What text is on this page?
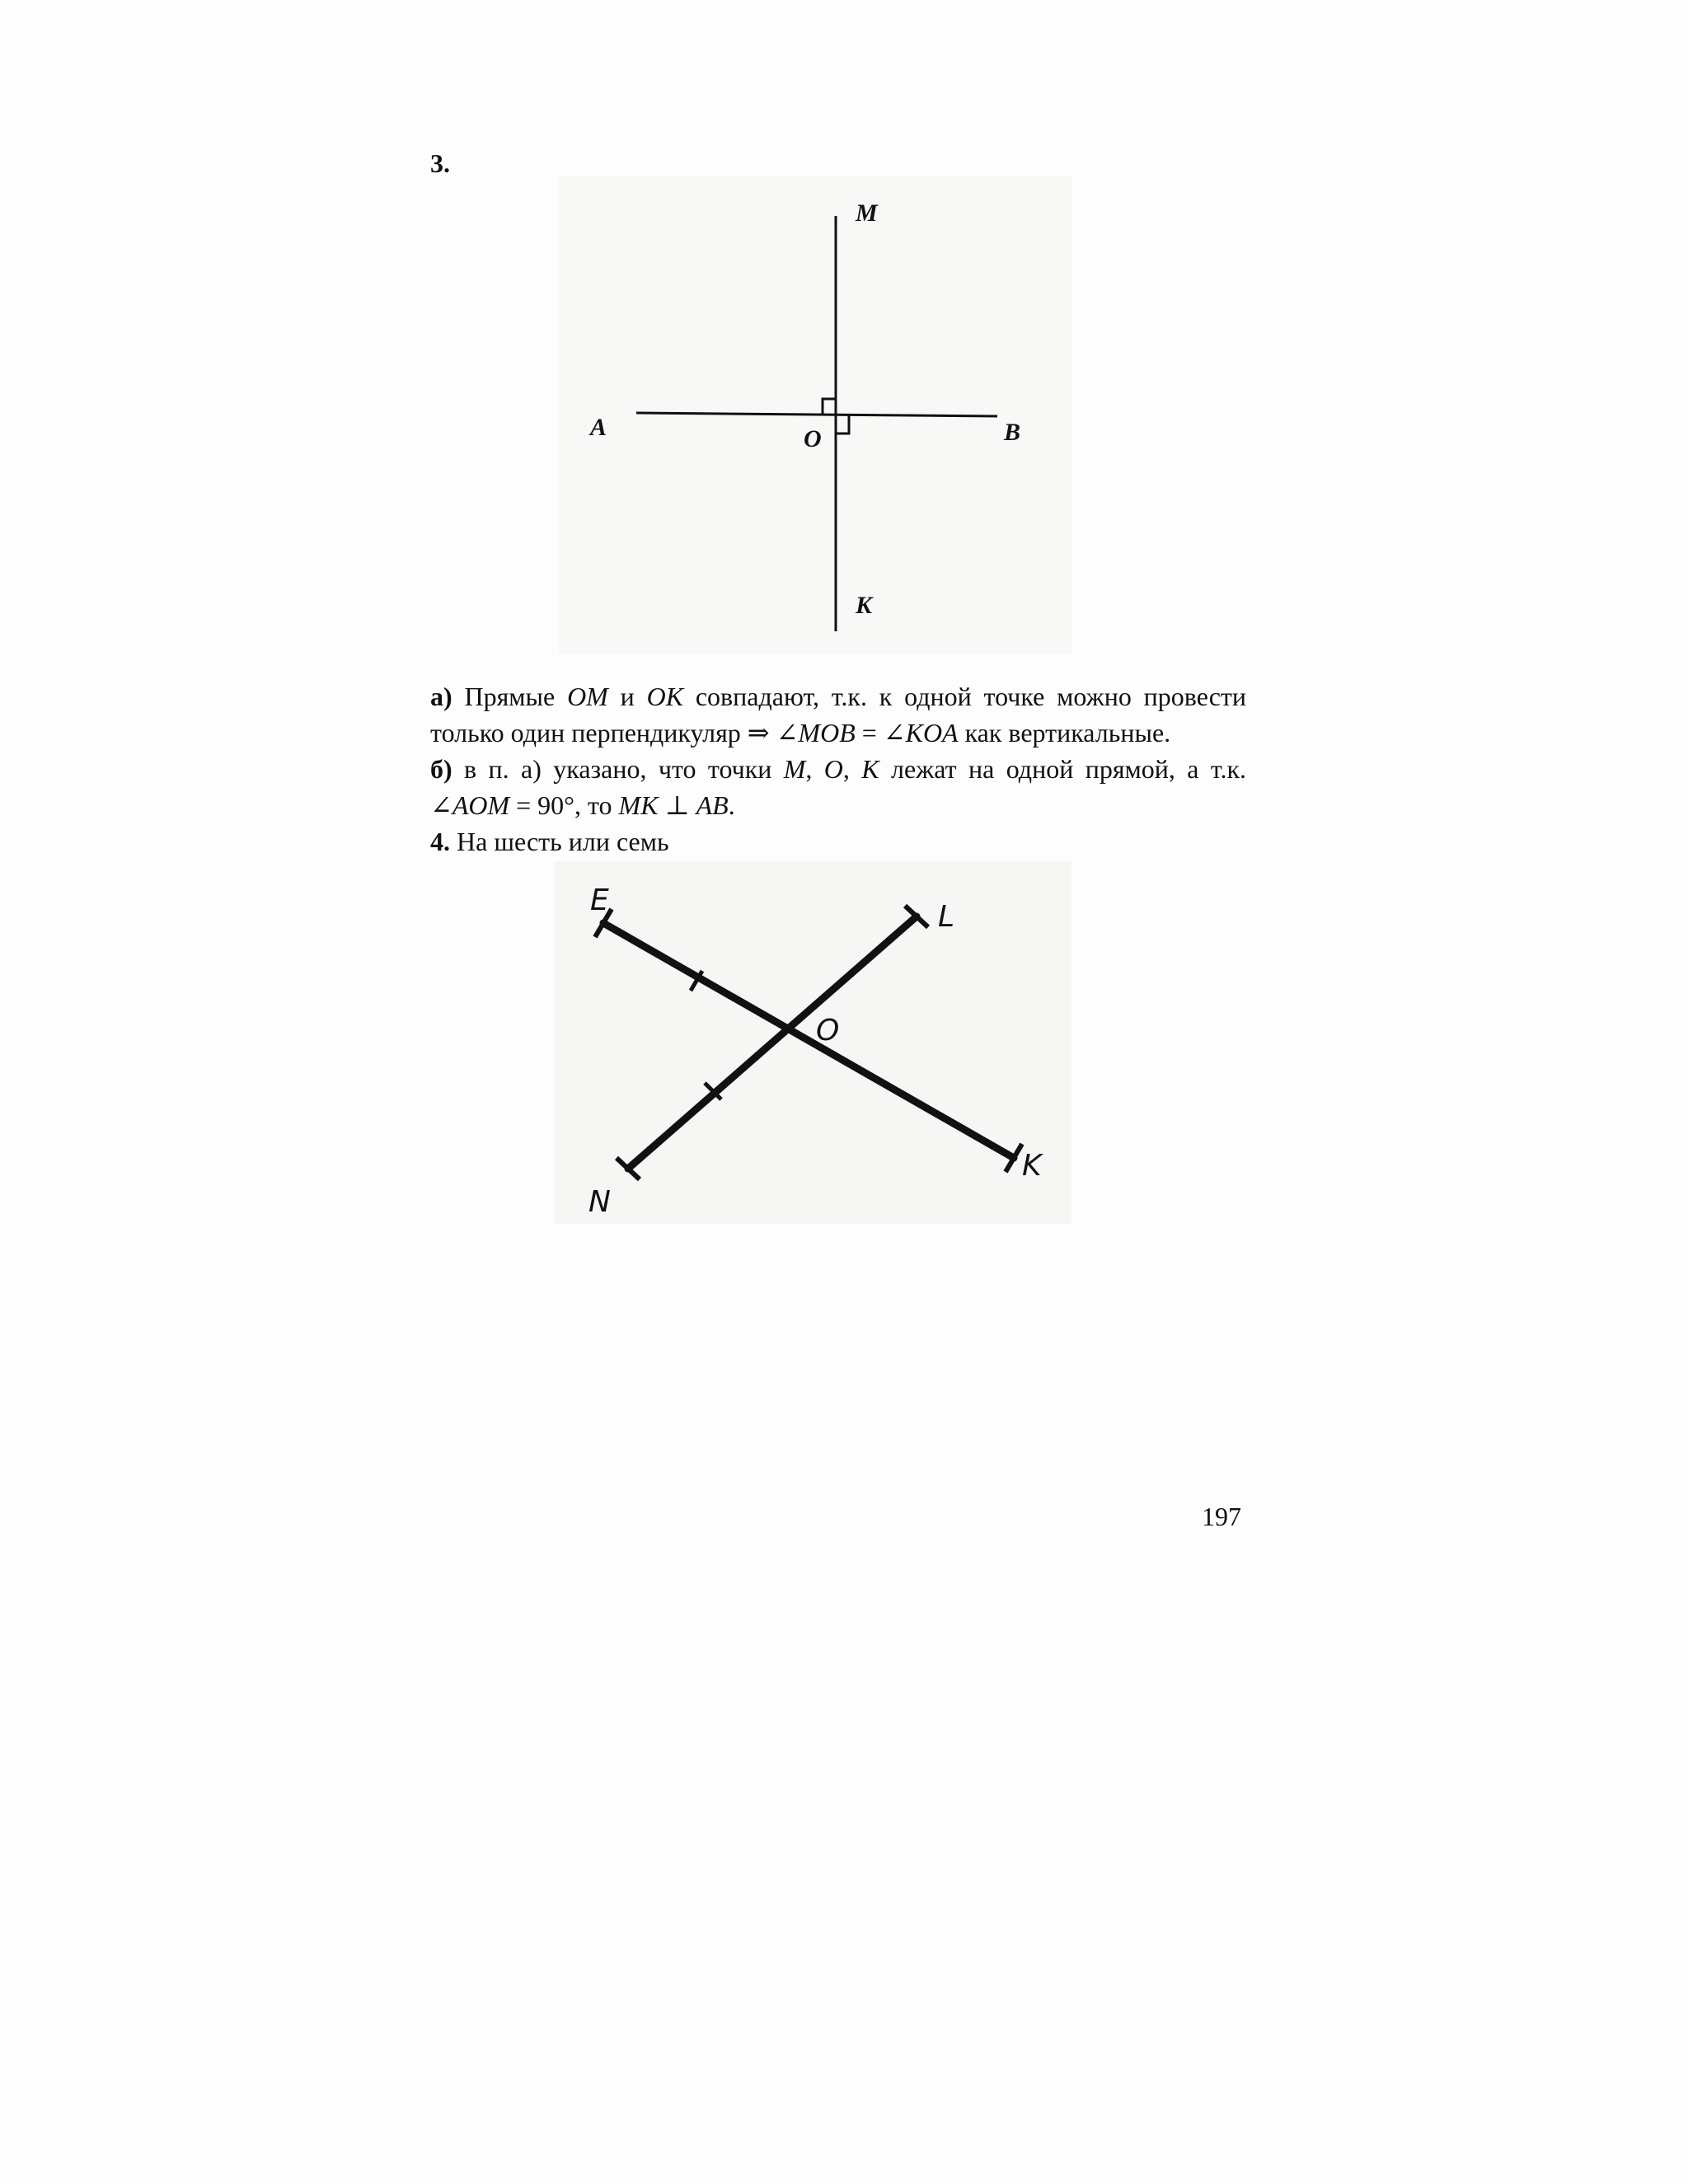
3.
M
A	O	B
K
E	L
O
N
K

а) Прямые OM и OK совпадают, т.к. к одной точке можно провести

только один перпендикуляр ⇒ ∠MOB = ∠KOA как вертикальные.

б) в п. а) указано, что точки M, O, K лежат на одной прямой, а т.к.

∠AOM = 90°, то MK ⊥ AB.

4. На шесть или семь

197
